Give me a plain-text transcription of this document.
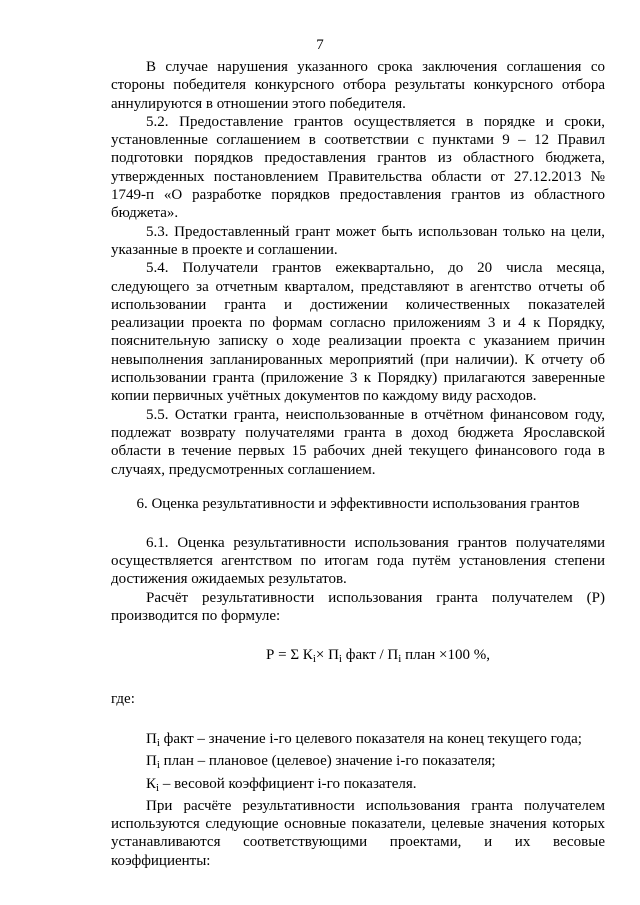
7

В случае нарушения указанного срока заключения соглашения со стороны победителя конкурсного отбора результаты конкурсного отбора аннулируются в отношении этого победителя.

5.2. Предоставление грантов осуществляется в порядке и сроки, установленные соглашением в соответствии с пунктами 9 – 12 Правил подготовки порядков предоставления грантов из областного бюджета, утвержденных постановлением Правительства области от 27.12.2013 № 1749-п «О разработке порядков предоставления грантов из областного бюджета».

5.3. Предоставленный грант может быть использован только на цели, указанные в проекте и соглашении.

5.4. Получатели грантов ежеквартально, до 20 числа месяца, следующего за отчетным кварталом, представляют в агентство отчеты об использовании гранта и достижении количественных показателей реализации проекта по формам согласно приложениям 3 и 4 к Порядку, пояснительную записку о ходе реализации проекта с указанием причин невыполнения запланированных мероприятий (при наличии). К отчету об использовании гранта (приложение 3 к Порядку) прилагаются заверенные копии первичных учётных документов по каждому виду расходов.

5.5. Остатки гранта, неиспользованные в отчётном финансовом году, подлежат возврату получателями гранта в доход бюджета Ярославской области в течение первых 15 рабочих дней текущего финансового года в случаях, предусмотренных соглашением.

6. Оценка результативности и эффективности использования грантов

6.1. Оценка результативности использования грантов получателями осуществляется агентством по итогам года путём установления степени достижения ожидаемых результатов.

Расчёт результативности использования гранта получателем (Р) производится по формуле:

Р = Σ $К_i\times П_i$ факт / $П_i$ план ×100 %,
где:

$П_i$ факт – значение i-го целевого показателя на конец текущего года;

$П_i$ план – плановое (целевое) значение i-го показателя;

$К_i$ – весовой коэффициент i-го показателя.

При расчёте результативности использования гранта получателем используются следующие основные показатели, целевые значения которых устанавливаются соответствующими проектами, и их весовые коэффициенты:
